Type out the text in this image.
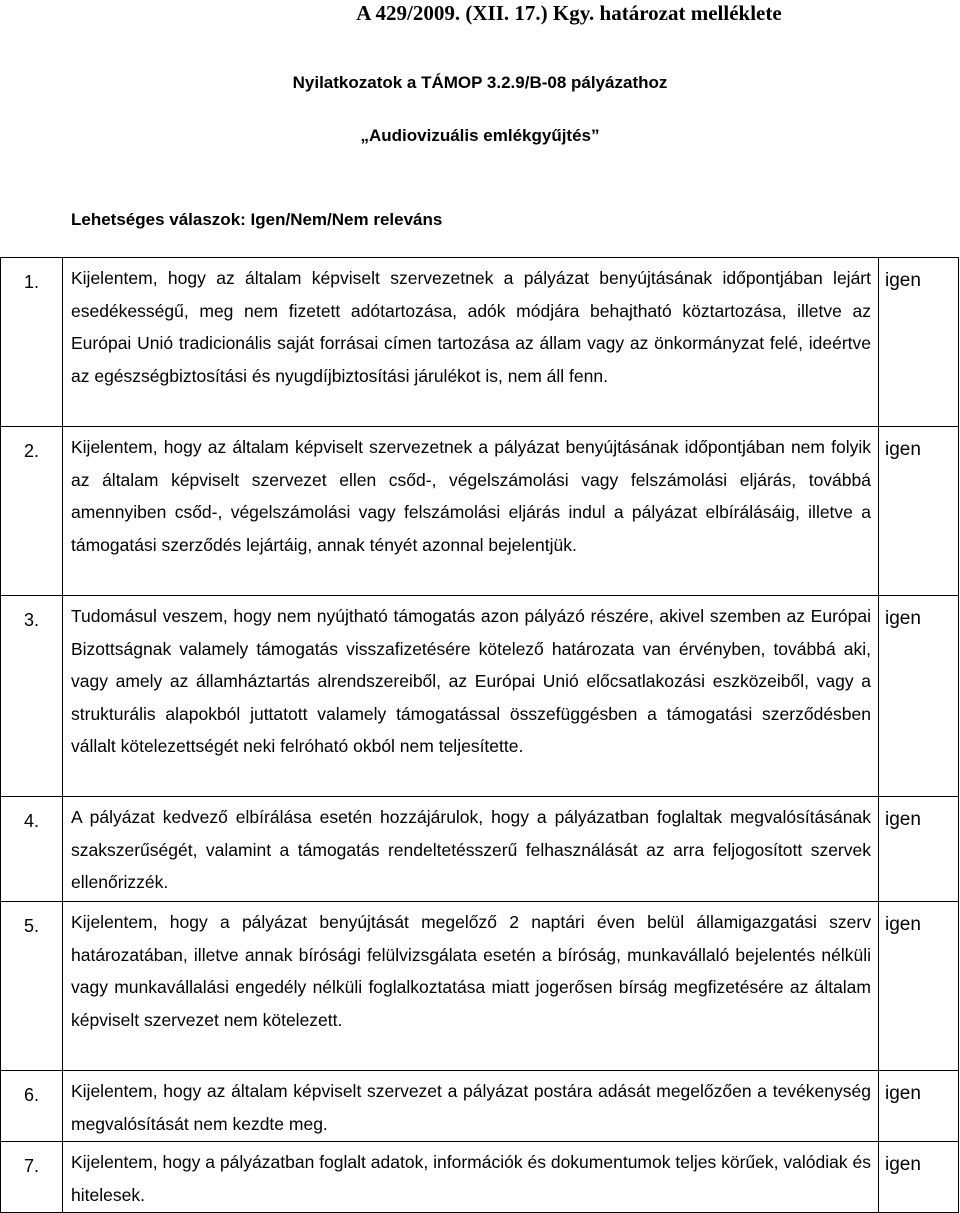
A 429/2009. (XII. 17.) Kgy. határozat melléklete
Nyilatkozatok a TÁMOP 3.2.9/B-08 pályázathoz
„Audiovizuális emlékgyűjtés”
Lehetséges válaszok: Igen/Nem/Nem releváns
1.	Kijelentem, hogy az általam képviselt szervezetnek a pályázat benyújtásának időpontjában lejárt esedékességű, meg nem fizetett adótartozása, adók módjára behajtható köztartozása, illetve az Európai Unió tradicionális saját forrásai címen tartozása az állam vagy az önkormányzat felé, ideértve az egészségbiztosítási és nyugdíjbiztosítási járulékot is, nem áll fenn.	igen
2.	Kijelentem, hogy az általam képviselt szervezetnek a pályázat benyújtásának időpontjában nem folyik az általam képviselt szervezet ellen csőd-, végelszámolási vagy felszámolási eljárás, továbbá amennyiben csőd-, végelszámolási vagy felszámolási eljárás indul a pályázat elbírálásáig, illetve a támogatási szerződés lejártáig, annak tényét azonnal bejelentjük.	igen
3.	Tudomásul veszem, hogy nem nyújtható támogatás azon pályázó részére, akivel szemben az Európai Bizottságnak valamely támogatás visszafizetésére kötelező határozata van érvényben, továbbá aki, vagy amely az államháztartás alrendszereiből, az Európai Unió előcsatlakozási eszközeiből, vagy a strukturális alapokból juttatott valamely támogatással összefüggésben a támogatási szerződésben vállalt kötelezettségét neki felróható okból nem teljesítette.	igen
4.	A pályázat kedvező elbírálása esetén hozzájárulok, hogy a pályázatban foglaltak megvalósításának szakszerűségét, valamint a támogatás rendeltetésszerű felhasználását az arra feljogosított szervek ellenőrizzék.	igen
5.	Kijelentem, hogy a pályázat benyújtását megelőző 2 naptári éven belül államigazgatási szerv határozatában, illetve annak bírósági felülvizsgálata esetén a bíróság, munkavállaló bejelentés nélküli vagy munkavállalási engedély nélküli foglalkoztatása miatt jogerősen bírság megfizetésére az általam képviselt szervezet nem kötelezett.	igen
6.	Kijelentem, hogy az általam képviselt szervezet a pályázat postára adását megelőzően a tevékenység megvalósítását nem kezdte meg.	igen
7.	Kijelentem, hogy a pályázatban foglalt adatok, információk és dokumentumok teljes körűek, valódiak és hitelesek.	igen
